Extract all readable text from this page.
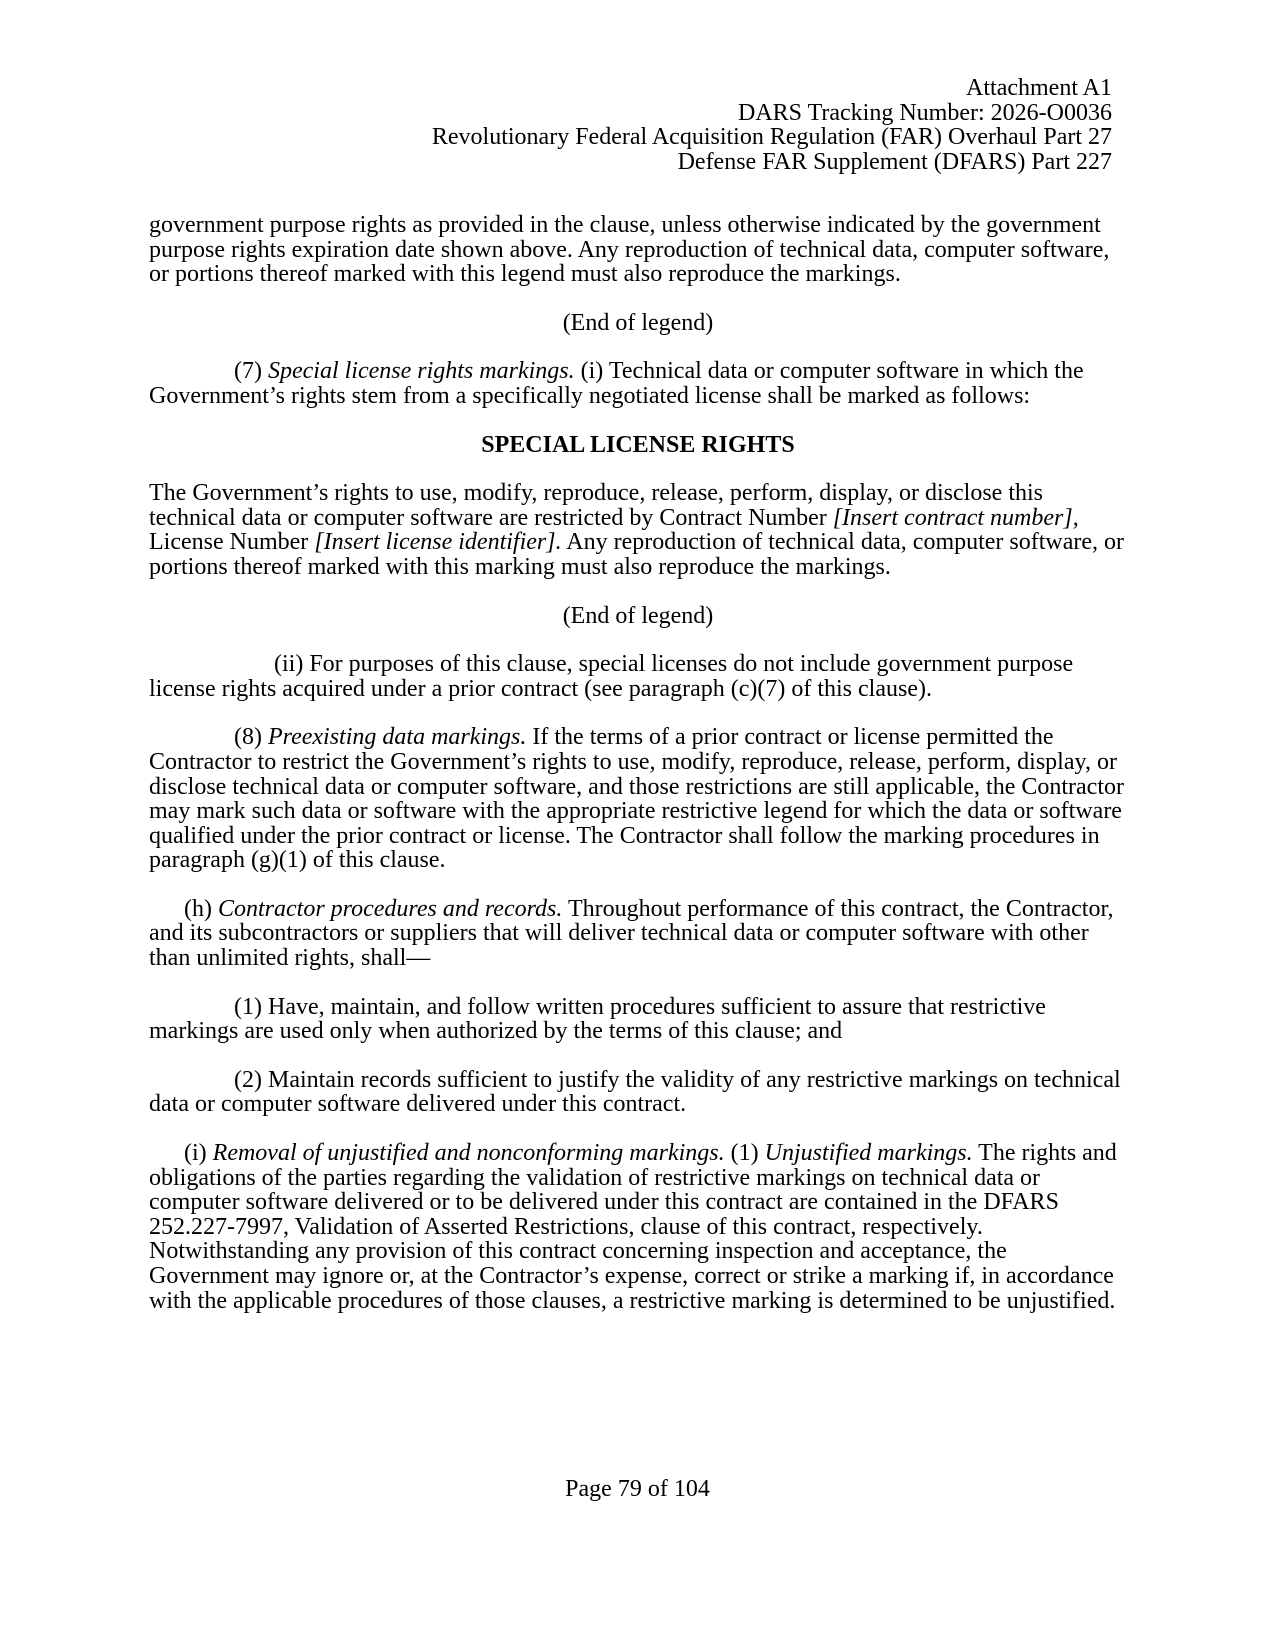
Attachment A1
DARS Tracking Number: 2026-O0036
Revolutionary Federal Acquisition Regulation (FAR) Overhaul Part 27
Defense FAR Supplement (DFARS) Part 227

government purpose rights as provided in the clause, unless otherwise indicated by the government purpose rights expiration date shown above. Any reproduction of technical data, computer software, or portions thereof marked with this legend must also reproduce the markings.

(End of legend)

(7) Special license rights markings. (i) Technical data or computer software in which the Government’s rights stem from a specifically negotiated license shall be marked as follows:

SPECIAL LICENSE RIGHTS

The Government’s rights to use, modify, reproduce, release, perform, display, or disclose this technical data or computer software are restricted by Contract Number [Insert contract number], License Number [Insert license identifier]. Any reproduction of technical data, computer software, or portions thereof marked with this marking must also reproduce the markings.

(End of legend)

(ii) For purposes of this clause, special licenses do not include government purpose license rights acquired under a prior contract (see paragraph (c)(7) of this clause).

(8) Preexisting data markings. If the terms of a prior contract or license permitted the Contractor to restrict the Government’s rights to use, modify, reproduce, release, perform, display, or disclose technical data or computer software, and those restrictions are still applicable, the Contractor may mark such data or software with the appropriate restrictive legend for which the data or software qualified under the prior contract or license. The Contractor shall follow the marking procedures in paragraph (g)(1) of this clause.

(h) Contractor procedures and records. Throughout performance of this contract, the Contractor, and its subcontractors or suppliers that will deliver technical data or computer software with other than unlimited rights, shall—

(1) Have, maintain, and follow written procedures sufficient to assure that restrictive markings are used only when authorized by the terms of this clause; and

(2) Maintain records sufficient to justify the validity of any restrictive markings on technical data or computer software delivered under this contract.

(i) Removal of unjustified and nonconforming markings. (1) Unjustified markings. The rights and obligations of the parties regarding the validation of restrictive markings on technical data or computer software delivered or to be delivered under this contract are contained in the DFARS 252.227-7997, Validation of Asserted Restrictions, clause of this contract, respectively. Notwithstanding any provision of this contract concerning inspection and acceptance, the Government may ignore or, at the Contractor’s expense, correct or strike a marking if, in accordance with the applicable procedures of those clauses, a restrictive marking is determined to be unjustified.

Page 79 of 104
